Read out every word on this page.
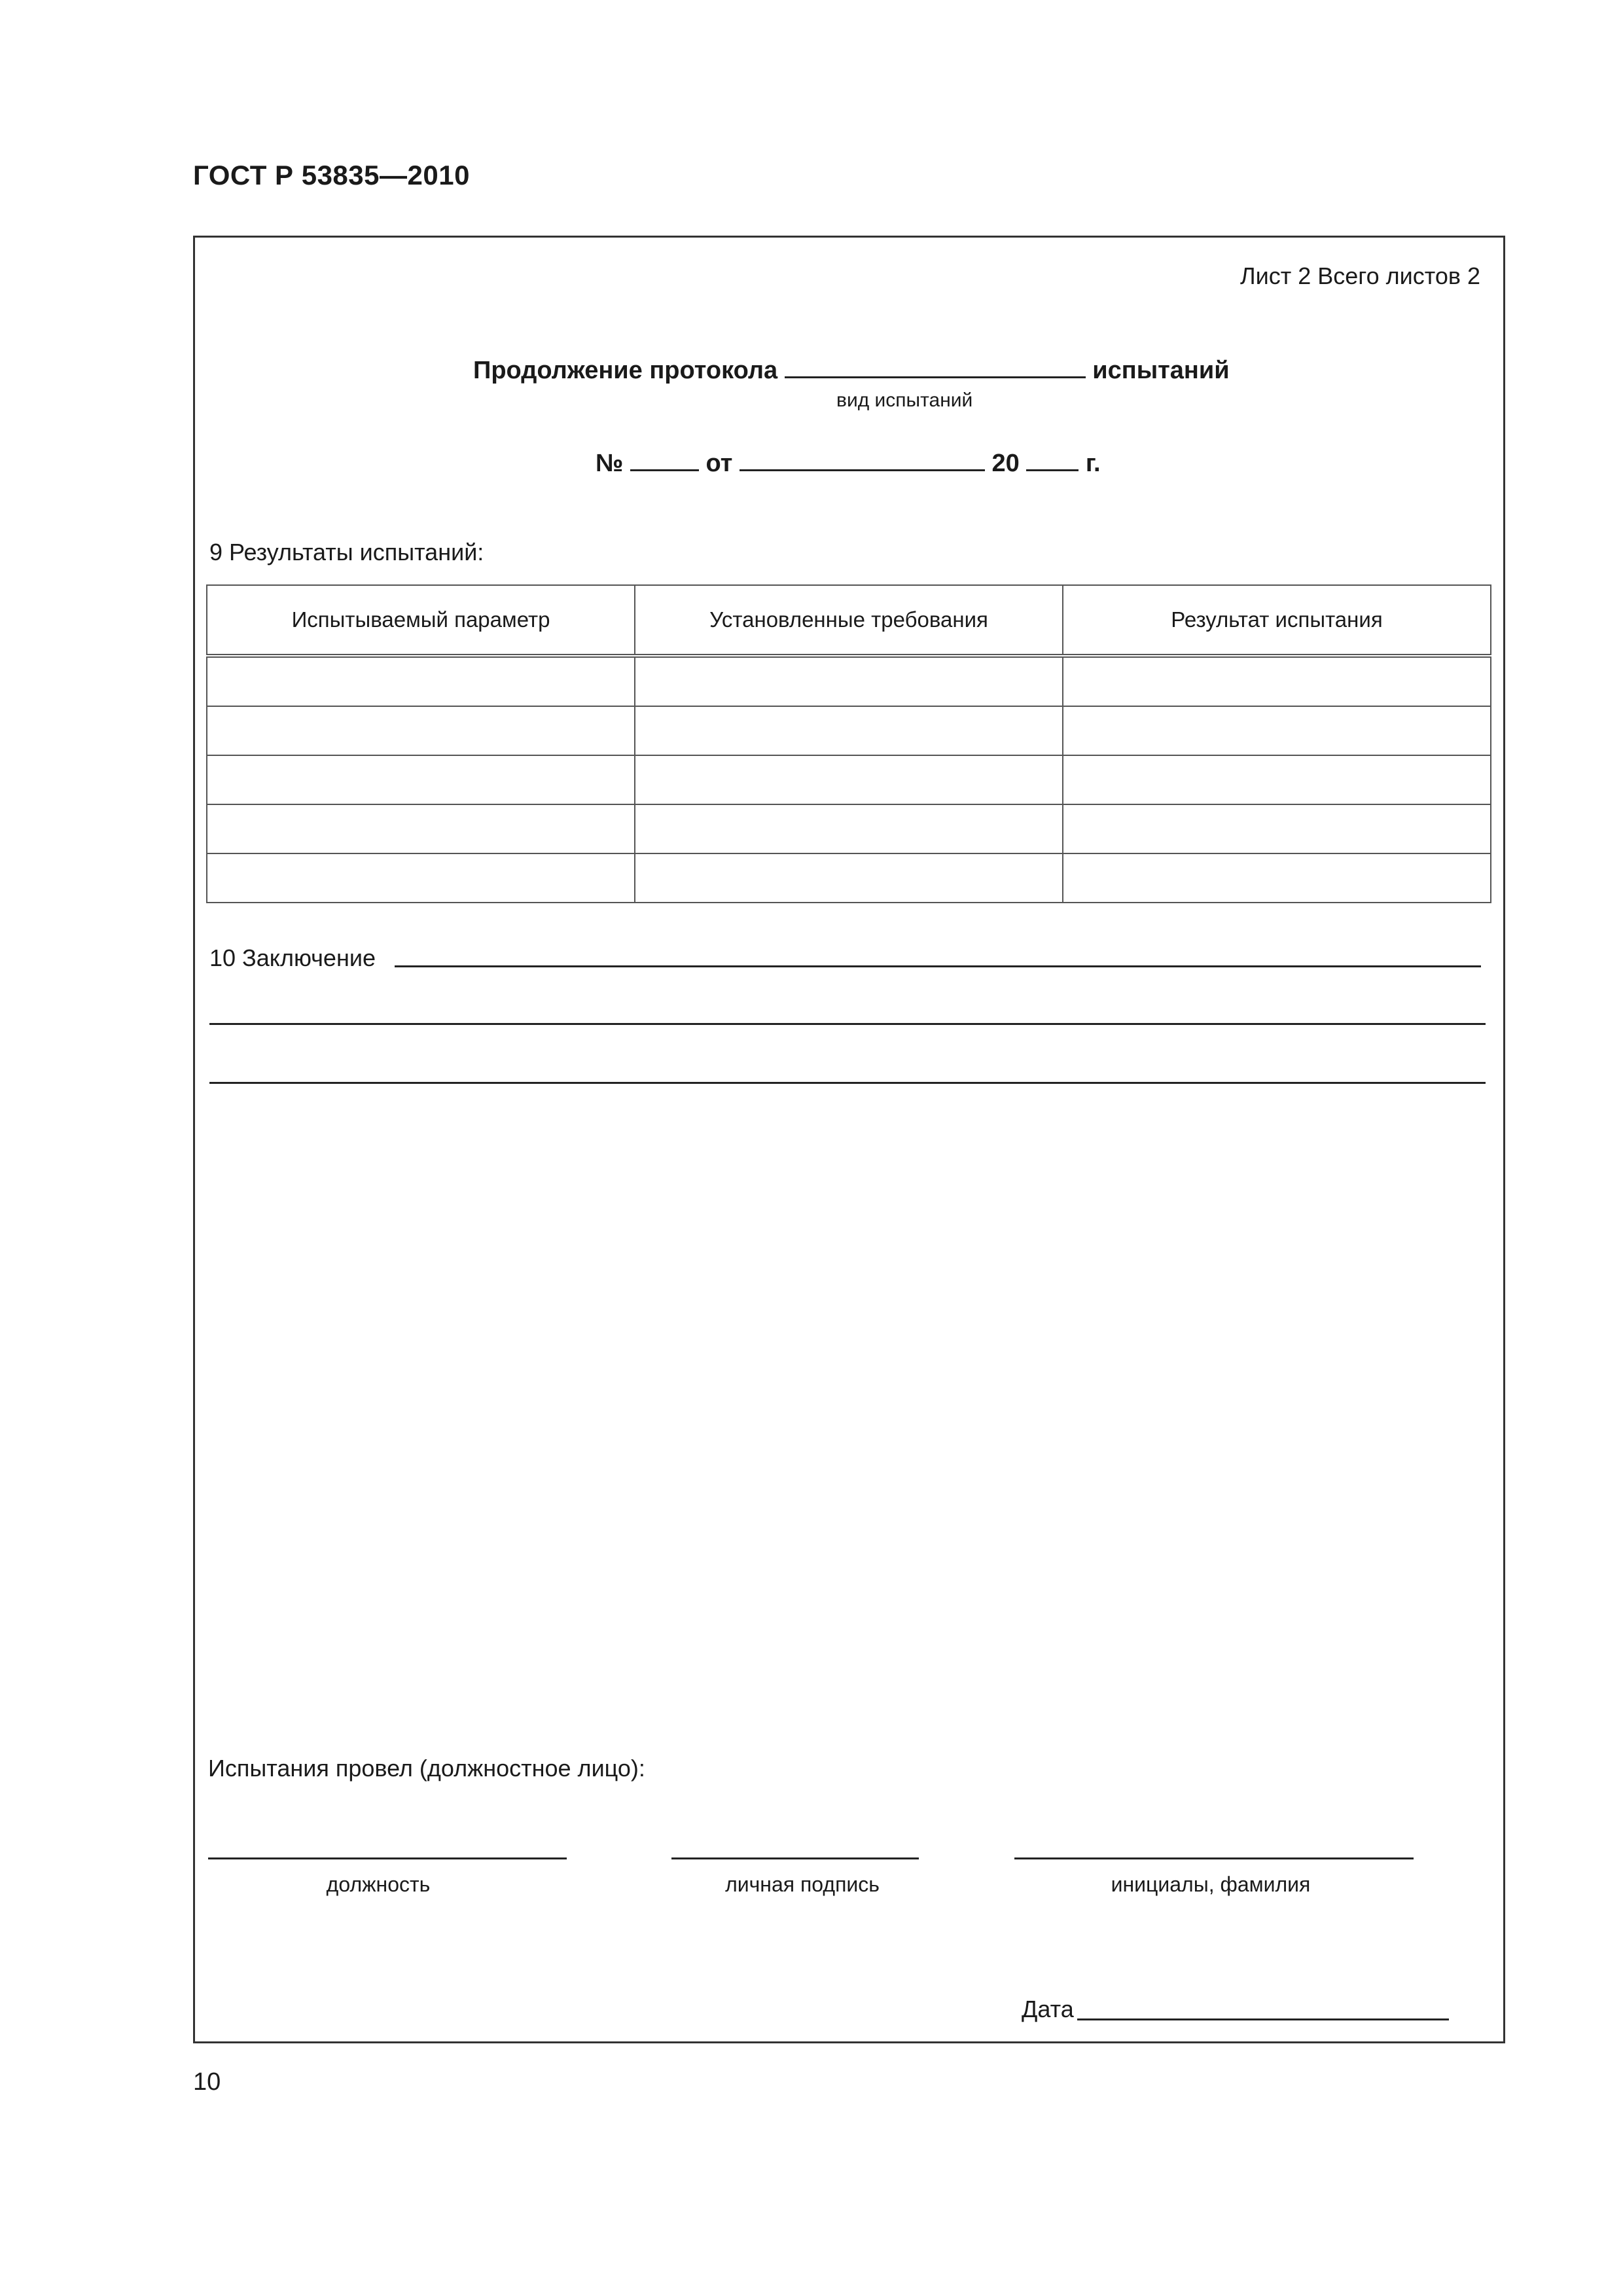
ГОСТ Р 53835—2010
Лист 2 Всего листов 2
Продолжение протокола	испытаний
вид испытаний
№	от	20	г.
9 Результаты испытаний:
Испытываемый параметр	Установленные требования	Результат испытания

10 Заключение
Испытания провел (должностное лицо):
должность	личная подпись	инициалы, фамилия
Дата
10
